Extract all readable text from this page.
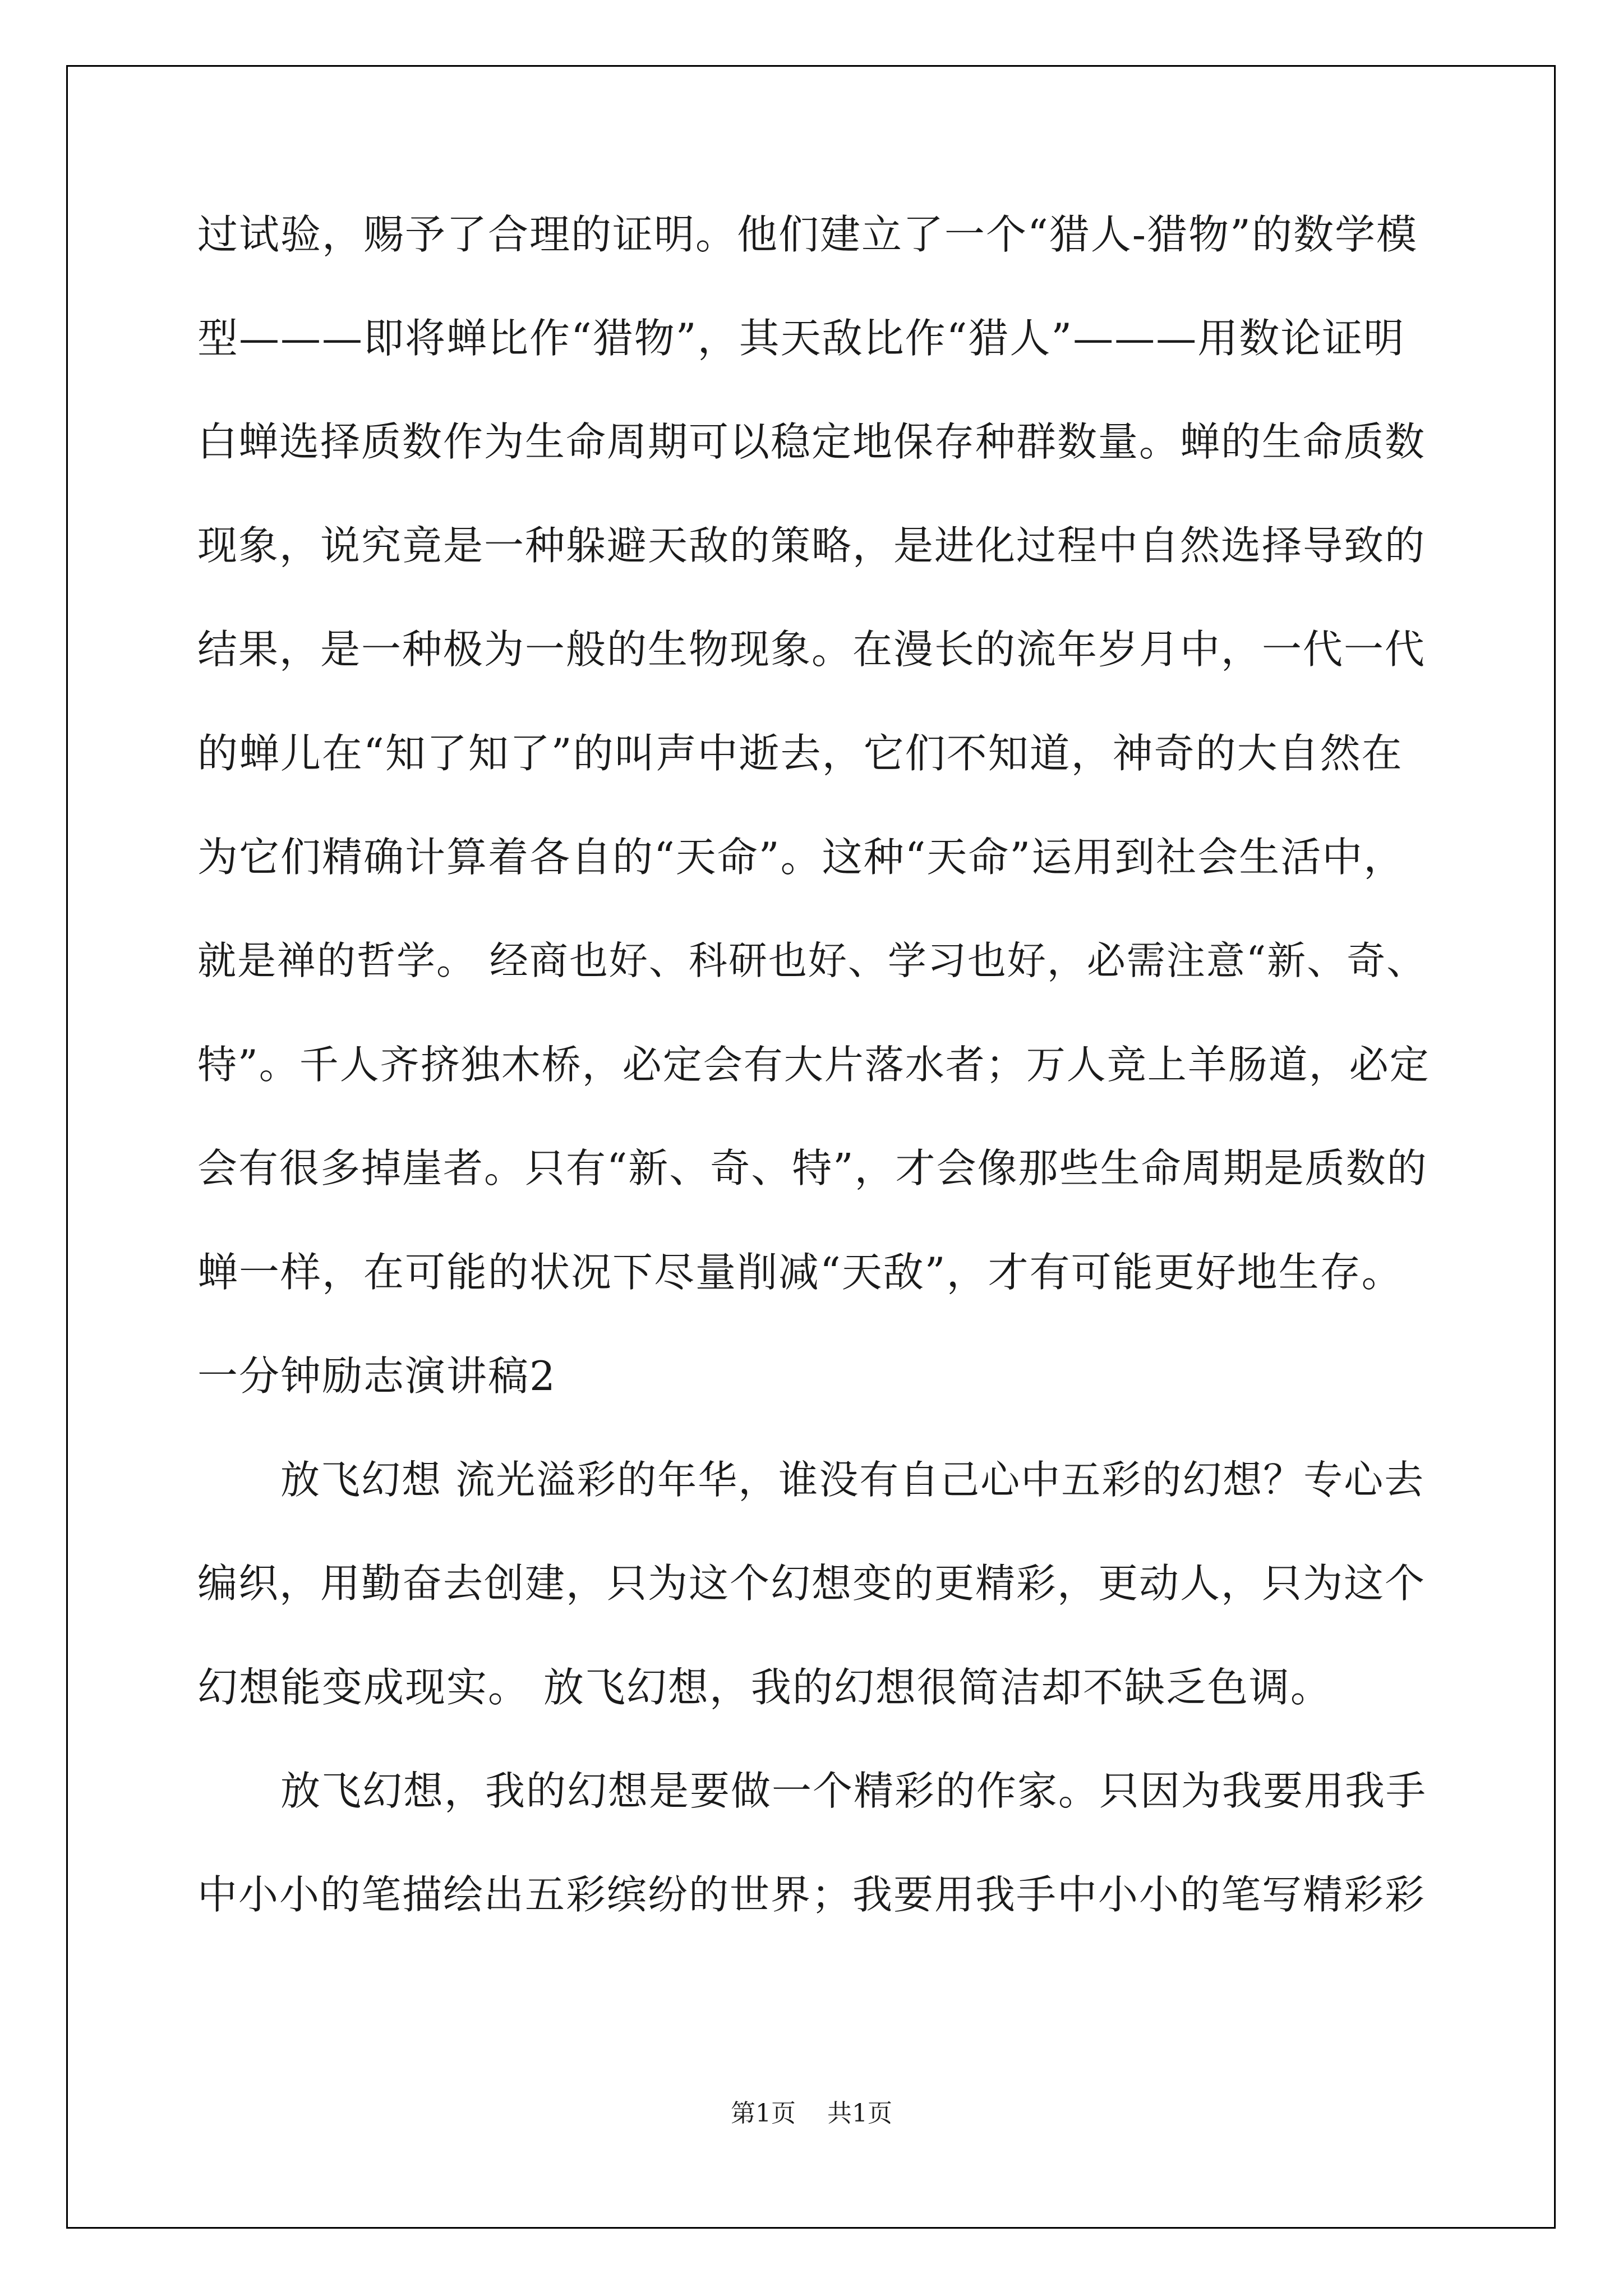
过试验，赐予了合理的证明。他们建立了一个“猎人-猎物”的数学模
型———即将蝉比作“猎物”，其天敌比作“猎人”———用数论证明
白蝉选择质数作为生命周期可以稳定地保存种群数量。蝉的生命质数
现象，说究竟是一种躲避天敌的策略，是进化过程中自然选择导致的
结果，是一种极为一般的生物现象。在漫长的流年岁月中，一代一代
的蝉儿在“知了知了”的叫声中逝去，它们不知道，神奇的大自然在
为它们精确计算着各自的“天命”。这种“天命”运用到社会生活中，
就是禅的哲学。 经商也好、科研也好、学习也好，必需注意“新、奇、
特”。千人齐挤独木桥，必定会有大片落水者；万人竞上羊肠道，必定
会有很多掉崖者。只有“新、奇、特”，才会像那些生命周期是质数的
蝉一样，在可能的状况下尽量削减“天敌”，才有可能更好地生存。
一分钟励志演讲稿2
放飞幻想 流光溢彩的年华，谁没有自己心中五彩的幻想？专心去
编织，用勤奋去创建，只为这个幻想变的更精彩，更动人，只为这个
幻想能变成现实。 放飞幻想，我的幻想很简洁却不缺乏色调。
放飞幻想，我的幻想是要做一个精彩的作家。只因为我要用我手
中小小的笔描绘出五彩缤纷的世界；我要用我手中小小的笔写精彩彩
第1页 共1页
